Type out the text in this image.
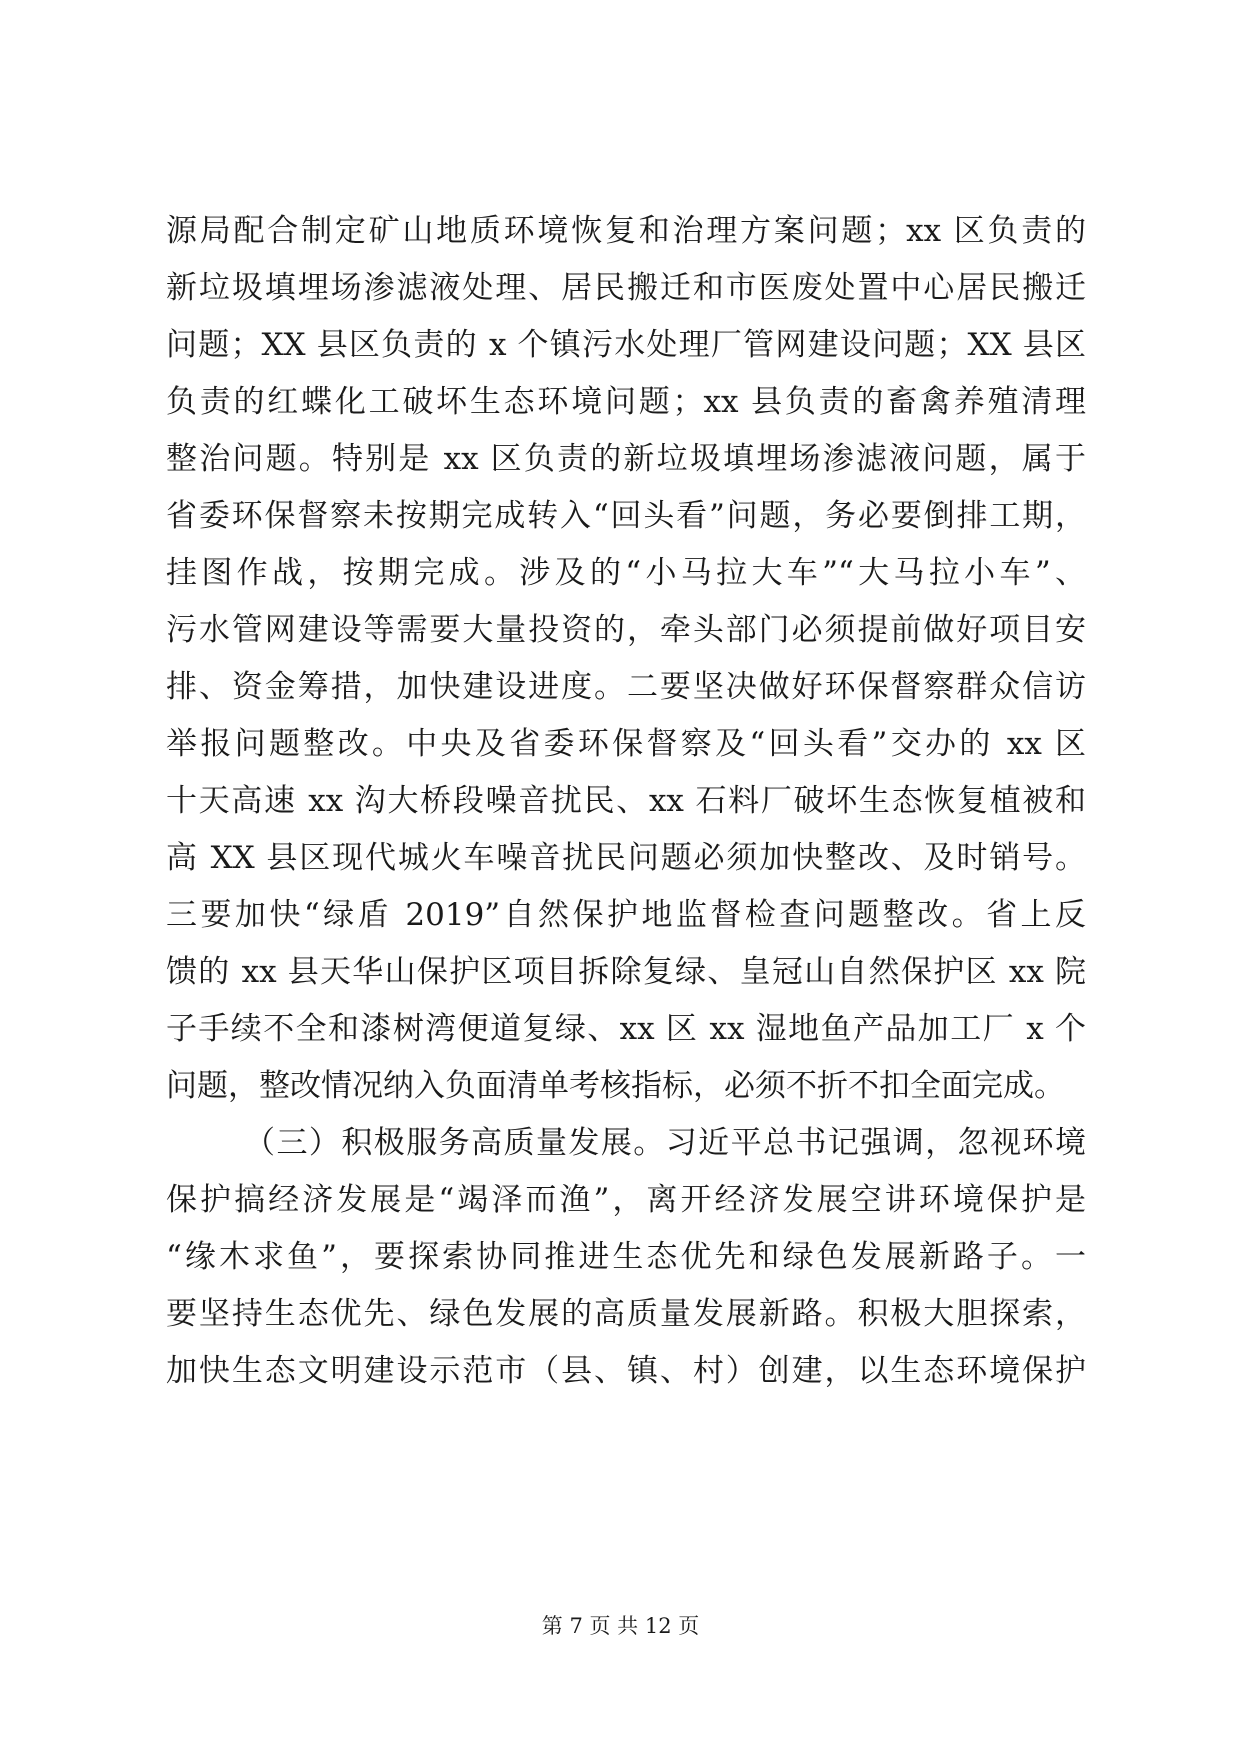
源局配合制定矿山地质环境恢复和治理方案问题；xx 区负责的
新垃圾填埋场渗滤液处理、居民搬迁和市医废处置中心居民搬迁
问题；XX 县区负责的 x 个镇污水处理厂管网建设问题；XX 县区
负责的红蝶化工破坏生态环境问题；xx 县负责的畜禽养殖清理
整治问题。特别是 xx 区负责的新垃圾填埋场渗滤液问题，属于
省委环保督察未按期完成转入“回头看”问题，务必要倒排工期，
挂图作战，按期完成。涉及的“小马拉大车”“大马拉小车”、
污水管网建设等需要大量投资的，牵头部门必须提前做好项目安
排、资金筹措，加快建设进度。二要坚决做好环保督察群众信访
举报问题整改。中央及省委环保督察及“回头看”交办的 xx 区
十天高速 xx 沟大桥段噪音扰民、xx 石料厂破坏生态恢复植被和
高 XX 县区现代城火车噪音扰民问题必须加快整改、及时销号。
三要加快“绿盾 2019”自然保护地监督检查问题整改。省上反
馈的 xx 县天华山保护区项目拆除复绿、皇冠山自然保护区 xx 院
子手续不全和漆树湾便道复绿、xx 区 xx 湿地鱼产品加工厂 x 个
问题，整改情况纳入负面清单考核指标，必须不折不扣全面完成。
（三）积极服务高质量发展。习近平总书记强调，忽视环境
保护搞经济发展是“竭泽而渔”，离开经济发展空讲环境保护是
“缘木求鱼”，要探索协同推进生态优先和绿色发展新路子。一
要坚持生态优先、绿色发展的高质量发展新路。积极大胆探索，
加快生态文明建设示范市（县、镇、村）创建，以生态环境保护
第 7 页 共 12 页
